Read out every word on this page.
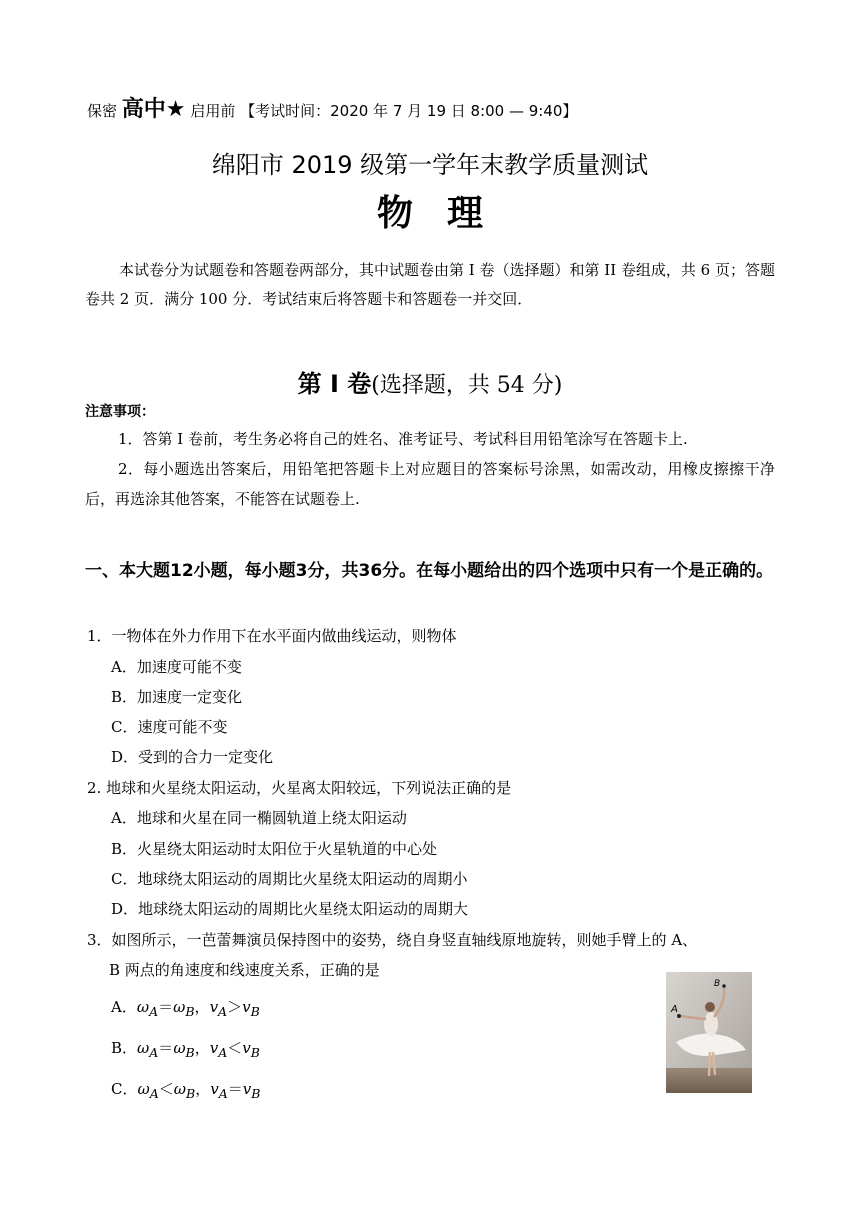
保密 高中★ 启用前 【考试时间：2020 年 7 月 19 日 8:00 — 9:40】
绵阳市 2019 级第一学年末教学质量测试
物理
本试卷分为试题卷和答题卷两部分，其中试题卷由第 I 卷（选择题）和第 II 卷组成，共 6 页；答题卷共 2 页．满分 100 分．考试结束后将答题卡和答题卷一并交回．
第 I 卷(选择题，共 54 分)
注意事项：
1．答第 I 卷前，考生务必将自己的姓名、准考证号、考试科目用铅笔涂写在答题卡上.
2．每小题选出答案后，用铅笔把答题卡上对应题目的答案标号涂黑，如需改动，用橡皮擦擦干净后，再选涂其他答案，不能答在试题卷上.
一、本大题12小题，每小题3分，共36分。在每小题给出的四个选项中只有一个是正确的。
1．一物体在外力作用下在水平面内做曲线运动，则物体
A．加速度可能不变
B．加速度一定变化
C．速度可能不变
D．受到的合力一定变化
2. 地球和火星绕太阳运动，火星离太阳较远，下列说法正确的是
A．地球和火星在同一椭圆轨道上绕太阳运动
B．火星绕太阳运动时太阳位于火星轨道的中心处
C．地球绕太阳运动的周期比火星绕太阳运动的周期小
D．地球绕太阳运动的周期比火星绕太阳运动的周期大
3．如图所示，一芭蕾舞演员保持图中的姿势，绕自身竖直轴线原地旋转，则她手臂上的 A、
B 两点的角速度和线速度关系，正确的是
A．$\omega_A=\omega_B$，$v_A>v_B$
B．$\omega_A=\omega_B$，$v_A<v_B$
C．$\omega_A<\omega_B$，$v_A=v_B$
A
B
